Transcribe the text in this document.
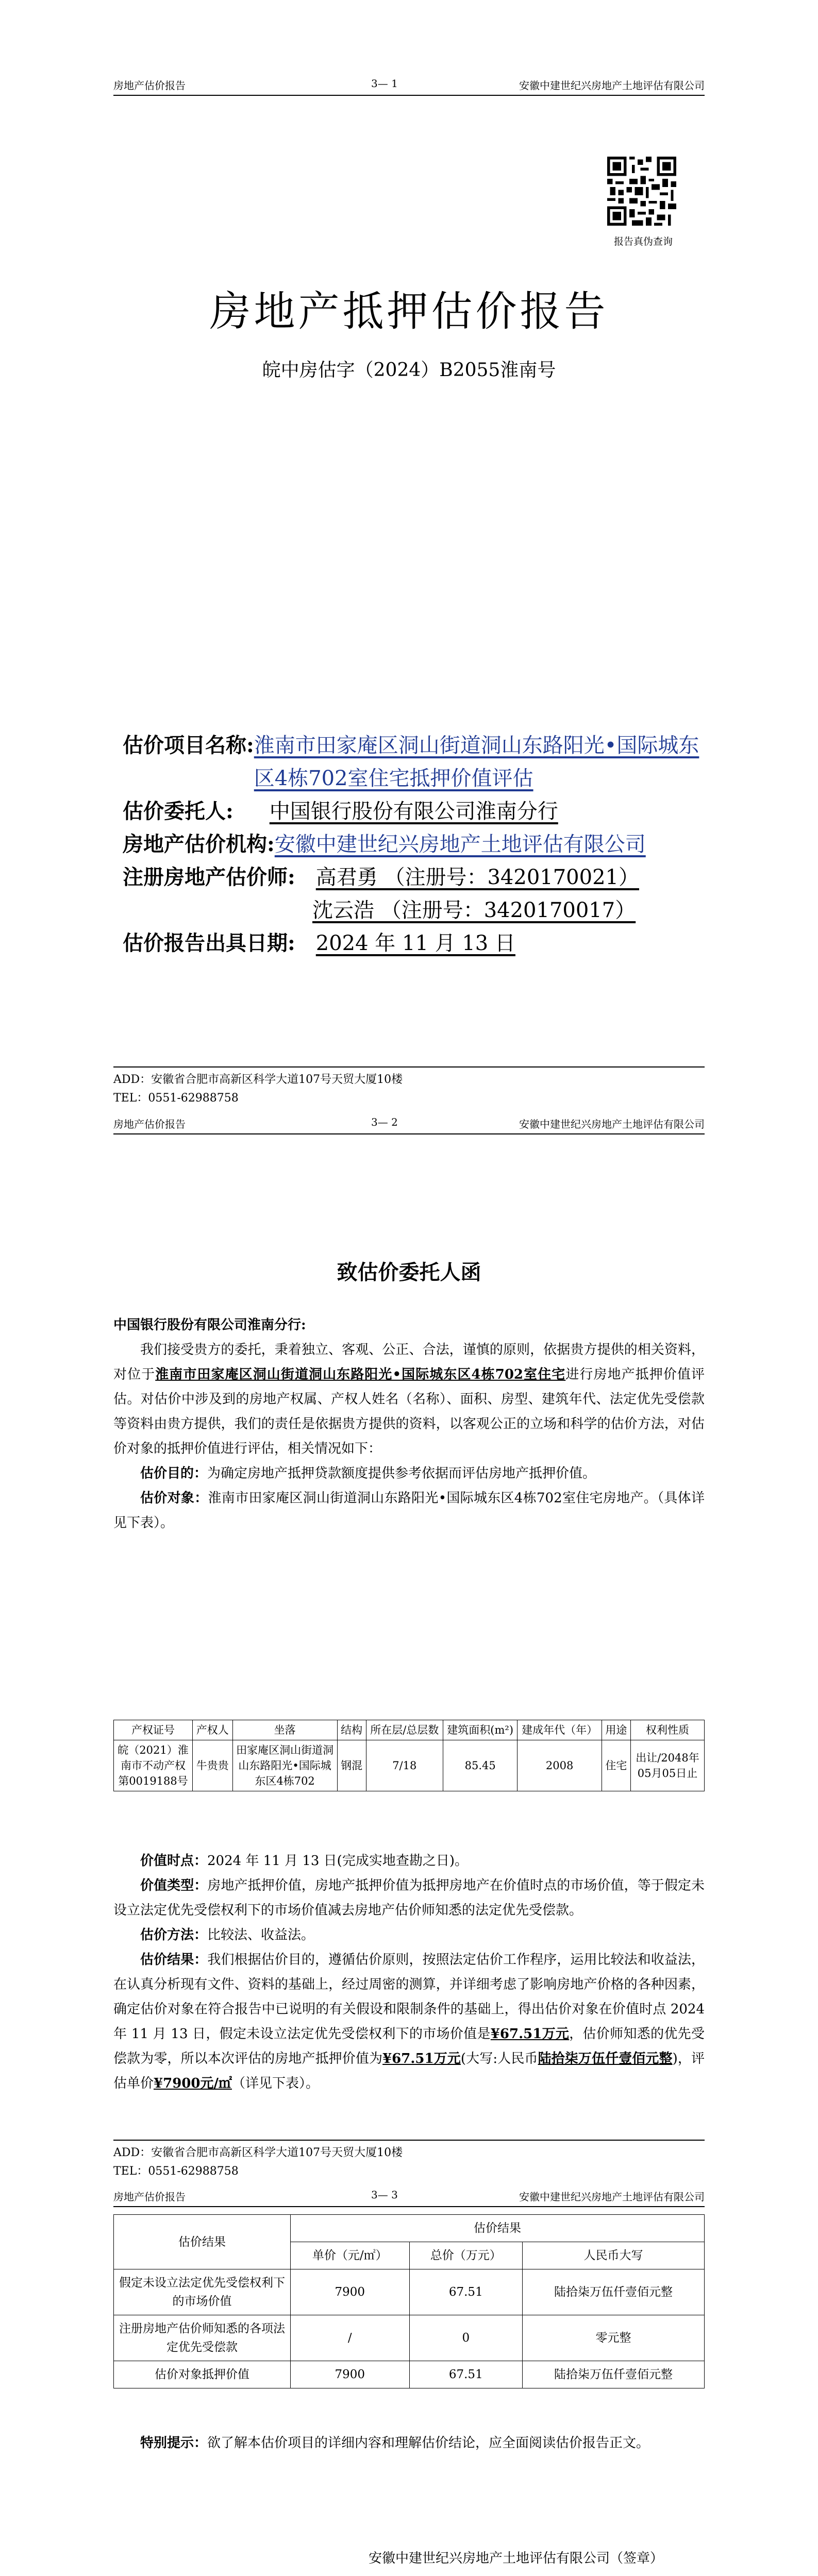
房地产估价报告	3— 1	安徽中建世纪兴房地产土地评估有限公司
报告真伪查询
房地产抵押估价报告
皖中房估字（2024）B2055淮南号
估价项目名称: 淮南市田家庵区洞山街道洞山东路阳光•国际城东区4栋702室住宅抵押价值评估
估价委托人:	中国银行股份有限公司淮南分行
房地产估价机构: 安徽中建世纪兴房地产土地评估有限公司
注册房地产估价师:	高君勇 （注册号：3420170021）
沈云浩 （注册号：3420170017）
估价报告出具日期:	2024 年 11 月 13 日
ADD：安徽省合肥市高新区科学大道107号天贸大厦10楼
TEL：0551-62988758
房地产估价报告	3— 2	安徽中建世纪兴房地产土地评估有限公司
致估价委托人函

中国银行股份有限公司淮南分行:

我们接受贵方的委托，秉着独立、客观、公正、合法，谨慎的原则，依据贵方提供的相关资料，对位于淮南市田家庵区洞山街道洞山东路阳光•国际城东区4栋702室住宅进行房地产抵押价值评估。对估价中涉及到的房地产权属、产权人姓名（名称）、面积、房型、建筑年代、法定优先受偿款等资料由贵方提供，我们的责任是依据贵方提供的资料，以客观公正的立场和科学的估价方法，对估价对象的抵押价值进行评估，相关情况如下：

估价目的：为确定房地产抵押贷款额度提供参考依据而评估房地产抵押价值。

估价对象：淮南市田家庵区洞山街道洞山东路阳光•国际城东区4栋702室住宅房地产。（具体详见下表）。

产权证号	产权人	坐落	结构	所在层/总层数	建筑面积(m²)	建成年代（年）	用途	权利性质
皖（2021）淮南市不动产权第0019188号	牛贵贵	田家庵区洞山街道洞山东路阳光•国际城东区4栋702	钢混	7/18	85.45	2008	住宅	出让/2048年05月05日止

价值时点：2024 年 11 月 13 日(完成实地查勘之日)。

价值类型：房地产抵押价值，房地产抵押价值为抵押房地产在价值时点的市场价值，等于假定未设立法定优先受偿权利下的市场价值减去房地产估价师知悉的法定优先受偿款。

估价方法：比较法、收益法。

估价结果：我们根据估价目的，遵循估价原则，按照法定估价工作程序，运用比较法和收益法，在认真分析现有文件、资料的基础上，经过周密的测算，并详细考虑了影响房地产价格的各种因素，确定估价对象在符合报告中已说明的有关假设和限制条件的基础上，得出估价对象在价值时点 2024 年 11 月 13 日，假定未设立法定优先受偿权利下的市场价值是¥67.51万元，估价师知悉的优先受偿款为零，所以本次评估的房地产抵押价值为¥67.51万元(大写:人民币陆拾柒万伍仟壹佰元整)，评估单价¥7900元/㎡（详见下表）。

ADD：安徽省合肥市高新区科学大道107号天贸大厦10楼
TEL：0551-62988758
房地产估价报告	3— 3	安徽中建世纪兴房地产土地评估有限公司
估价结果	估价结果		
	单价（元/㎡）	总价（万元）	人民币大写
假定未设立法定优先受偿权利下的市场价值	7900	67.51	陆拾柒万伍仟壹佰元整
注册房地产估价师知悉的各项法定优先受偿款	/	0	零元整
估价对象抵押价值	7900	67.51	陆拾柒万伍仟壹佰元整

特别提示：欲了解本估价项目的详细内容和理解估价结论，应全面阅读估价报告正文。

安徽中建世纪兴房地产土地评估有限公司（签章）
